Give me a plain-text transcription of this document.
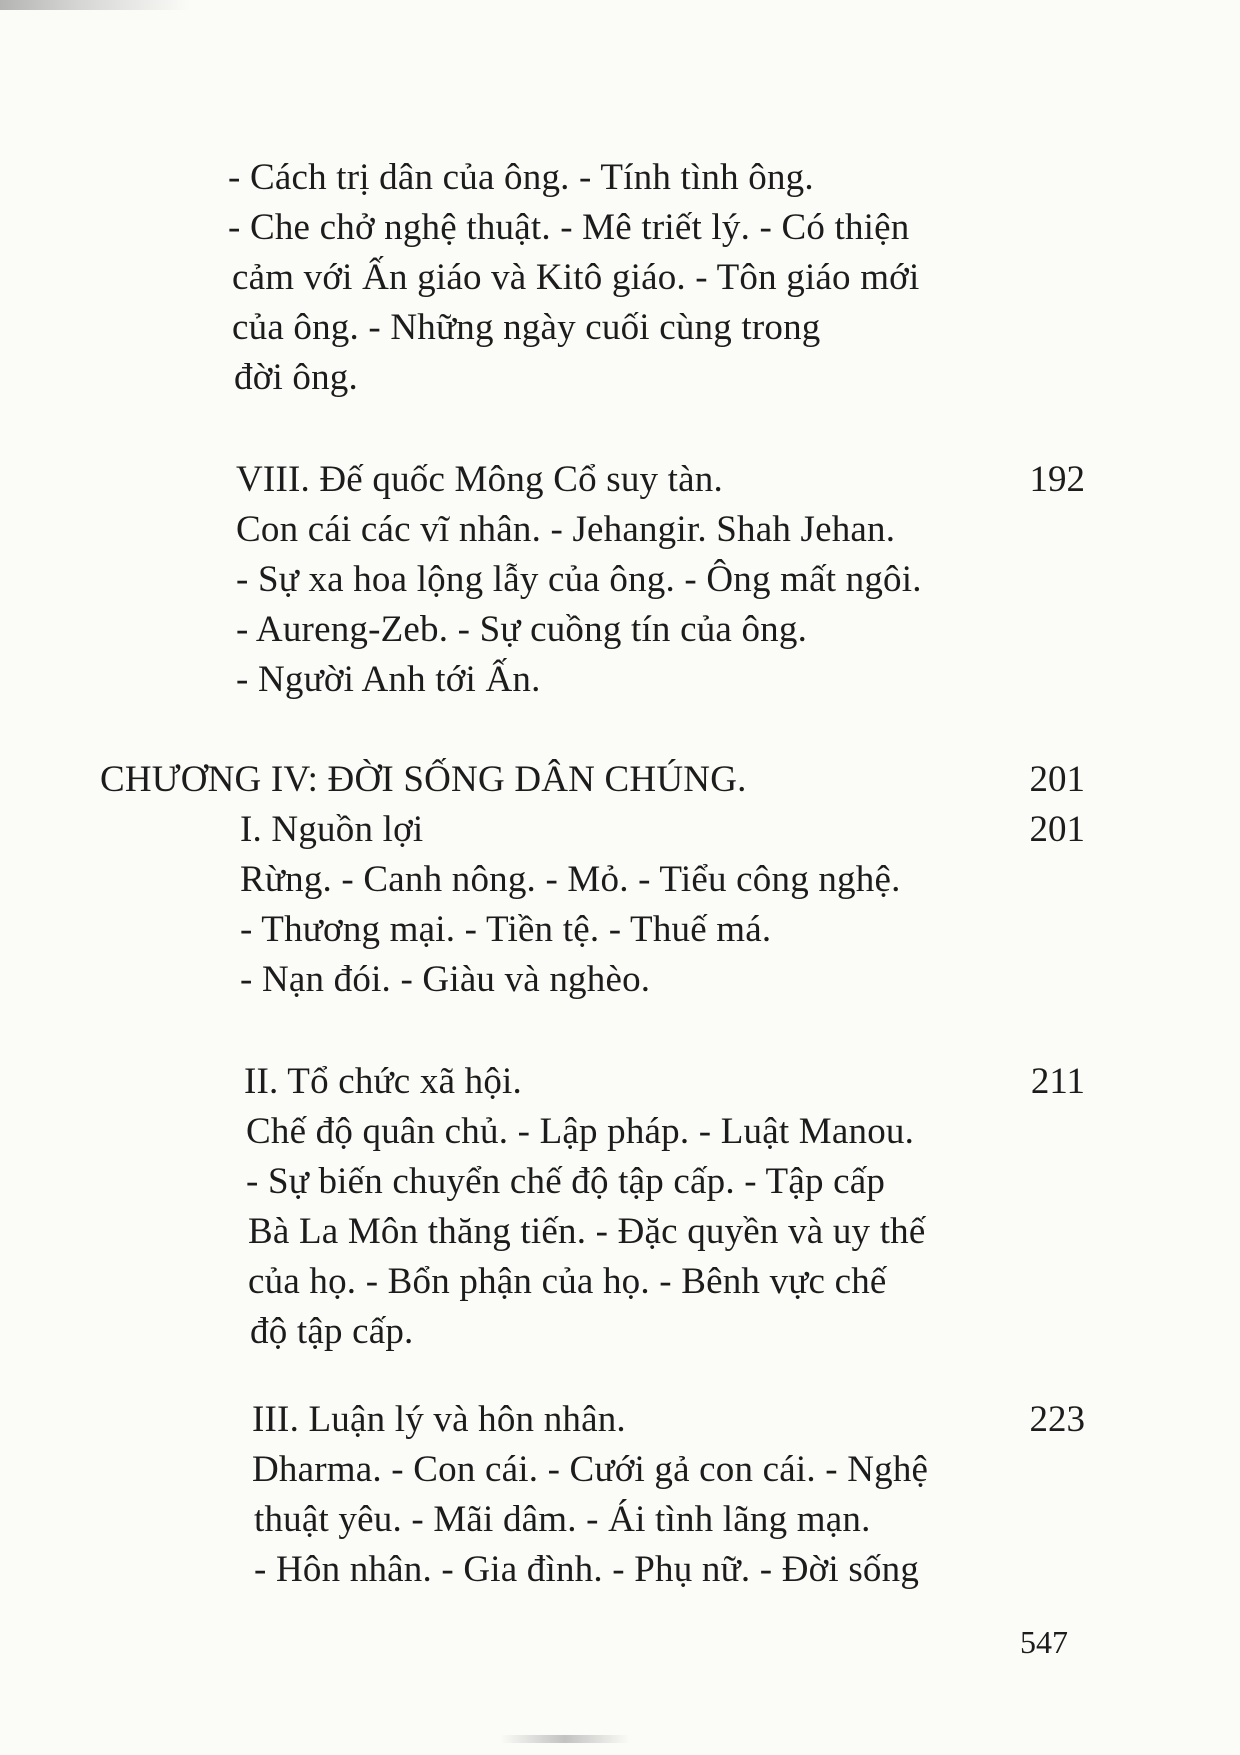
- Cách trị dân của ông. - Tính tình ông.
- Che chở nghệ thuật. - Mê triết lý. - Có thiện
cảm với Ấn giáo và Kitô giáo. - Tôn giáo mới
của ông. - Những ngày cuối cùng trong
đời ông.
VIII. Đế quốc Mông Cổ suy tàn.	192
Con cái các vĩ nhân. - Jehangir. Shah Jehan.
- Sự xa hoa lộng lẫy của ông. - Ông mất ngôi.
- Aureng-Zeb. - Sự cuồng tín của ông.
- Người Anh tới Ấn.
CHƯƠNG IV: ĐỜI SỐNG DÂN CHÚNG.	201
I. Nguồn lợi	201
Rừng. - Canh nông. - Mỏ. - Tiểu công nghệ.
- Thương mại. - Tiền tệ. - Thuế má.
- Nạn đói. - Giàu và nghèo.
II. Tổ chức xã hội.	211
Chế độ quân chủ. - Lập pháp. - Luật Manou.
- Sự biến chuyển chế độ tập cấp. - Tập cấp
Bà La Môn thăng tiến. - Đặc quyền và uy thế
của họ. - Bổn phận của họ. - Bênh vực chế
độ tập cấp.
III. Luận lý và hôn nhân.	223
Dharma. - Con cái. - Cưới gả con cái. - Nghệ
thuật yêu. - Mãi dâm. - Ái tình lãng mạn.
- Hôn nhân. - Gia đình. - Phụ nữ. - Đời sống
547
